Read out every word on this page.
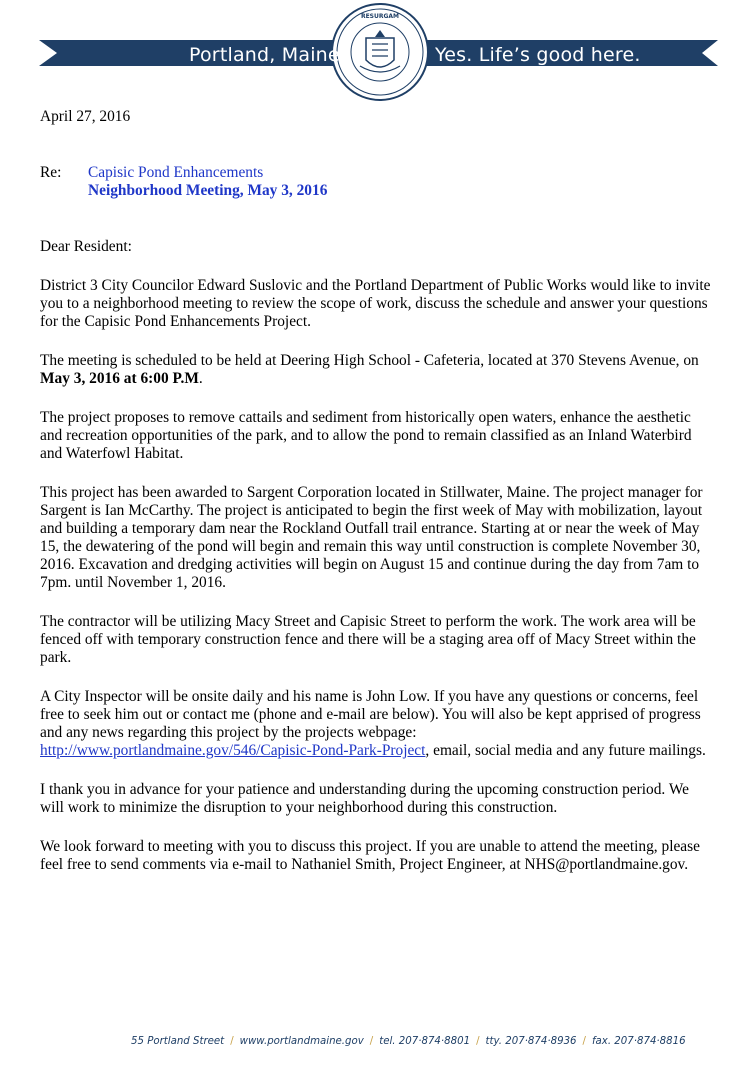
RESURGAM
Portland, Maine	Yes. Life’s good here.

April 27, 2016

Re:	Capisic Pond Enhancements
Neighborhood Meeting, May 3, 2016

Dear Resident:

District 3 City Councilor Edward Suslovic and the Portland Department of Public Works would like to invite you to a neighborhood meeting to review the scope of work, discuss the schedule and answer your questions for the Capisic Pond Enhancements Project.

The meeting is scheduled to be held at Deering High School - Cafeteria, located at 370 Stevens Avenue, on May 3, 2016 at 6:00 P.M.

The project proposes to remove cattails and sediment from historically open waters, enhance the aesthetic and recreation opportunities of the park, and to allow the pond to remain classified as an Inland Waterbird and Waterfowl Habitat.

This project has been awarded to Sargent Corporation located in Stillwater, Maine. The project manager for Sargent is Ian McCarthy. The project is anticipated to begin the first week of May with mobilization, layout and building a temporary dam near the Rockland Outfall trail entrance. Starting at or near the week of May 15, the dewatering of the pond will begin and remain this way until construction is complete November 30, 2016. Excavation and dredging activities will begin on August 15 and continue during the day from 7am to 7pm. until November 1, 2016.

The contractor will be utilizing Macy Street and Capisic Street to perform the work. The work area will be fenced off with temporary construction fence and there will be a staging area off of Macy Street within the park.

A City Inspector will be onsite daily and his name is John Low. If you have any questions or concerns, feel free to seek him out or contact me (phone and e-mail are below). You will also be kept apprised of progress and any news regarding this project by the projects webpage:
http://www.portlandmaine.gov/546/Capisic-Pond-Park-Project, email, social media and any future mailings.

I thank you in advance for your patience and understanding during the upcoming construction period. We will work to minimize the disruption to your neighborhood during this construction.

We look forward to meeting with you to discuss this project. If you are unable to attend the meeting, please feel free to send comments via e-mail to Nathaniel Smith, Project Engineer, at NHS@portlandmaine.gov.

55 Portland Street / www.portlandmaine.gov / tel. 207·874·8801 / tty. 207·874·8936 / fax. 207·874·8816
